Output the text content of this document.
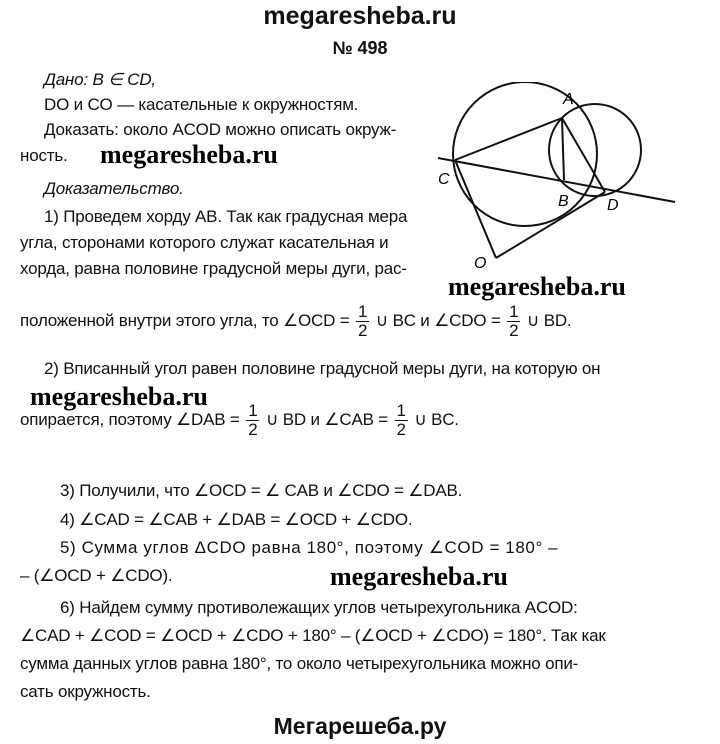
megaresheba.ru
№ 498
Дано: B ∈ CD,
DO и CO — касательные к окружностям.
Доказать: около ACOD можно описать окруж-
ность. megaresheba.ru
Доказательство.
1) Проведем хорду AB. Так как градусная мера
угла, сторонами которого служат касательная и
хорда, равна половине градусной меры дуги, рас-
megaresheba.ru
положенной внутри этого угла, то ∠OCD = $\frac{1}{2}$ ∪ BC и ∠CDO = $\frac{1}{2}$ ∪ BD.
2) Вписанный угол равен половине градусной меры дуги, на которую он
megaresheba.ru
опирается, поэтому ∠DAB = $\frac{1}{2}$ ∪ BD и ∠CAB = $\frac{1}{2}$ ∪ BC.
3) Получили, что ∠OCD = ∠ CAB и ∠CDO = ∠DAB.
4) ∠CAD = ∠CAB + ∠DAB = ∠OCD + ∠CDO.
5) Сумма углов ΔCDO равна 180°, поэтому ∠COD = 180° –
– (∠OCD + ∠CDO).	megaresheba.ru
6) Найдем сумму противолежащих углов четырехугольника ACOD:
∠CAD + ∠COD = ∠OCD + ∠CDO + 180° – (∠OCD + ∠CDO) = 180°. Так как
сумма данных углов равна 180°, то около четырехугольника можно опи-
сать окружность.
Мегарешеба.ру
A
B
C
D
O
